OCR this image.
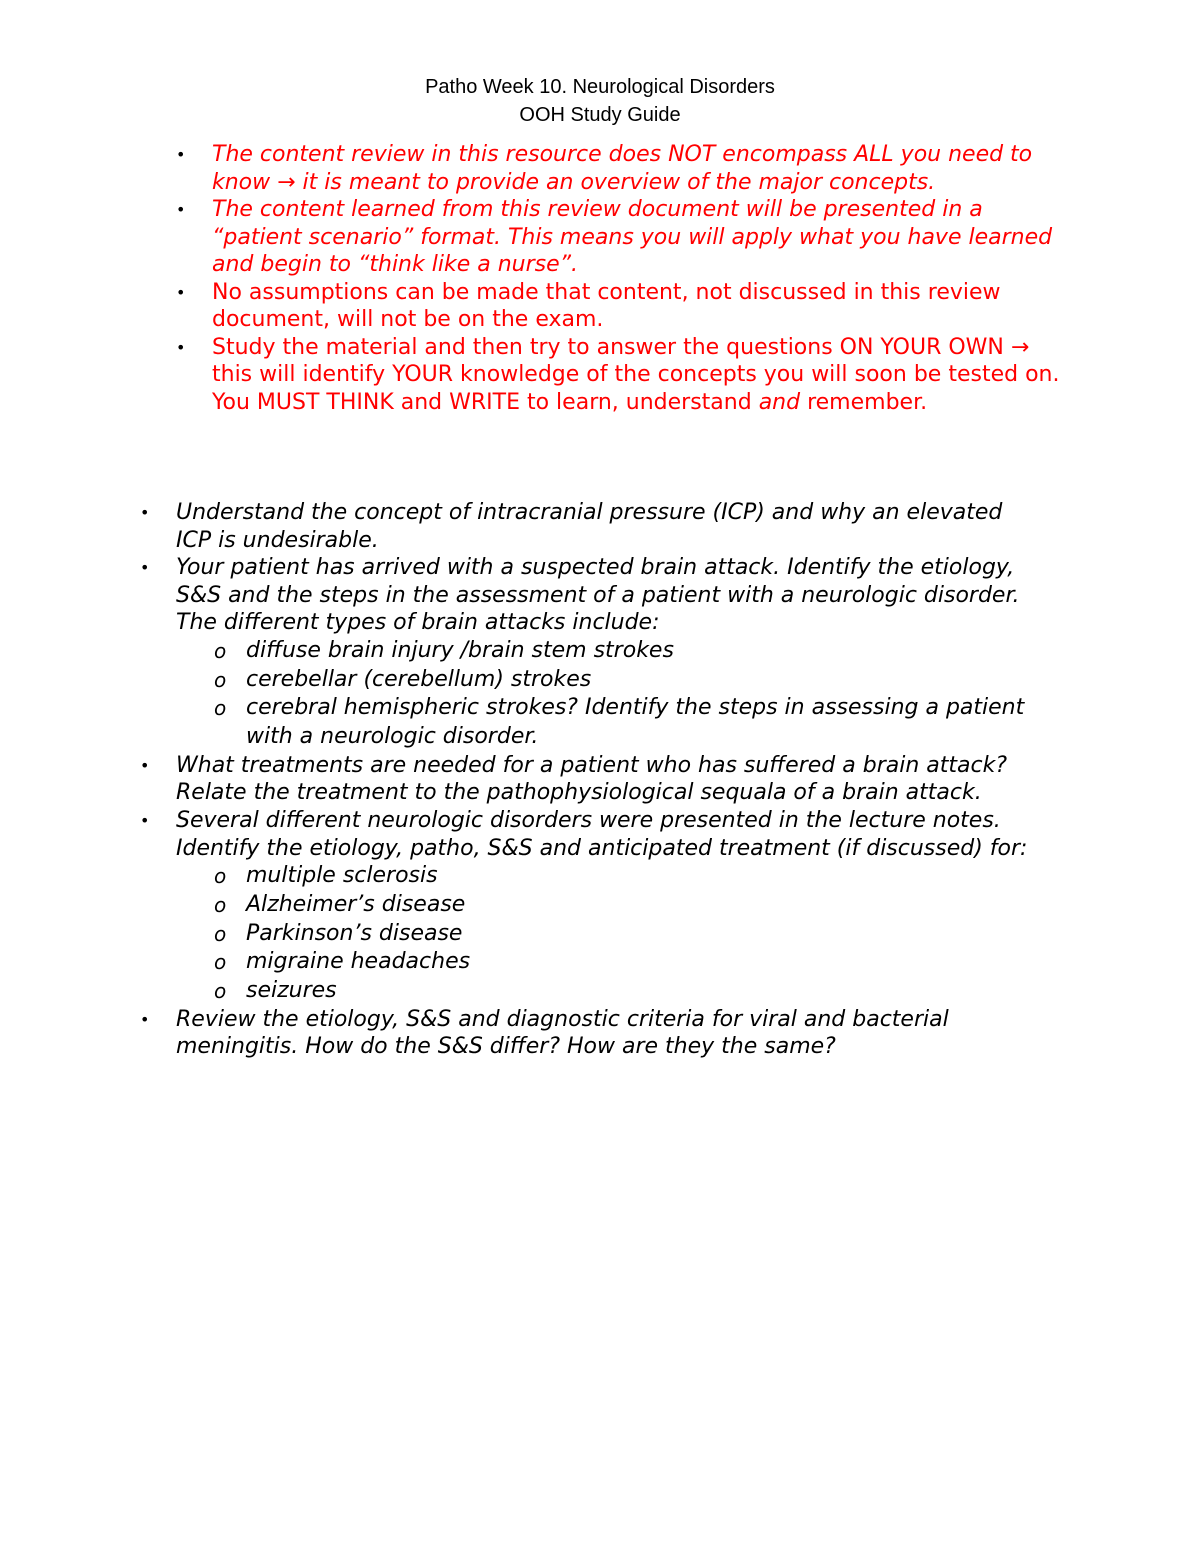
Patho Week 10. Neurological Disorders
OOH Study Guide
• The content review in this resource does NOT encompass ALL you need to know → it is meant to provide an overview of the major concepts.
• The content learned from this review document will be presented in a “patient scenario” format. This means you will apply what you have learned and begin to “think like a nurse”.
• No assumptions can be made that content, not discussed in this review document, will not be on the exam.
• Study the material and then try to answer the questions ON YOUR OWN → this will identify YOUR knowledge of the concepts you will soon be tested on. You MUST THINK and WRITE to learn, understand and remember.
• Understand the concept of intracranial pressure (ICP) and why an elevated ICP is undesirable.
• Your patient has arrived with a suspected brain attack. Identify the etiology, S&S and the steps in the assessment of a patient with a neurologic disorder. The different types of brain attacks include:
o diffuse brain injury /brain stem strokes
o cerebellar (cerebellum) strokes
o cerebral hemispheric strokes? Identify the steps in assessing a patient with a neurologic disorder.
• What treatments are needed for a patient who has suffered a brain attack? Relate the treatment to the pathophysiological sequala of a brain attack.
• Several different neurologic disorders were presented in the lecture notes. Identify the etiology, patho, S&S and anticipated treatment (if discussed) for:
o multiple sclerosis
o Alzheimer’s disease
o Parkinson’s disease
o migraine headaches
o seizures
• Review the etiology, S&S and diagnostic criteria for viral and bacterial meningitis. How do the S&S differ? How are they the same?
